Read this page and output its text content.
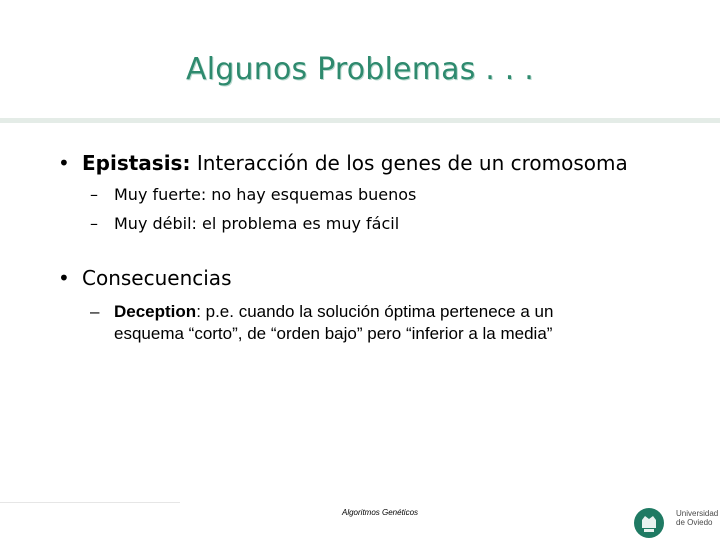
Algunos Problemas . . .
• Epistasis: Interacción de los genes de un cromosoma
– Muy fuerte: no hay esquemas buenos
– Muy débil: el problema es muy fácil
• Consecuencias
– Deception: p.e. cuando la solución óptima pertenece a un
esquema “corto”, de “orden bajo” pero “inferior a la media”
Algoritmos Genéticos	Universidad
de Oviedo
